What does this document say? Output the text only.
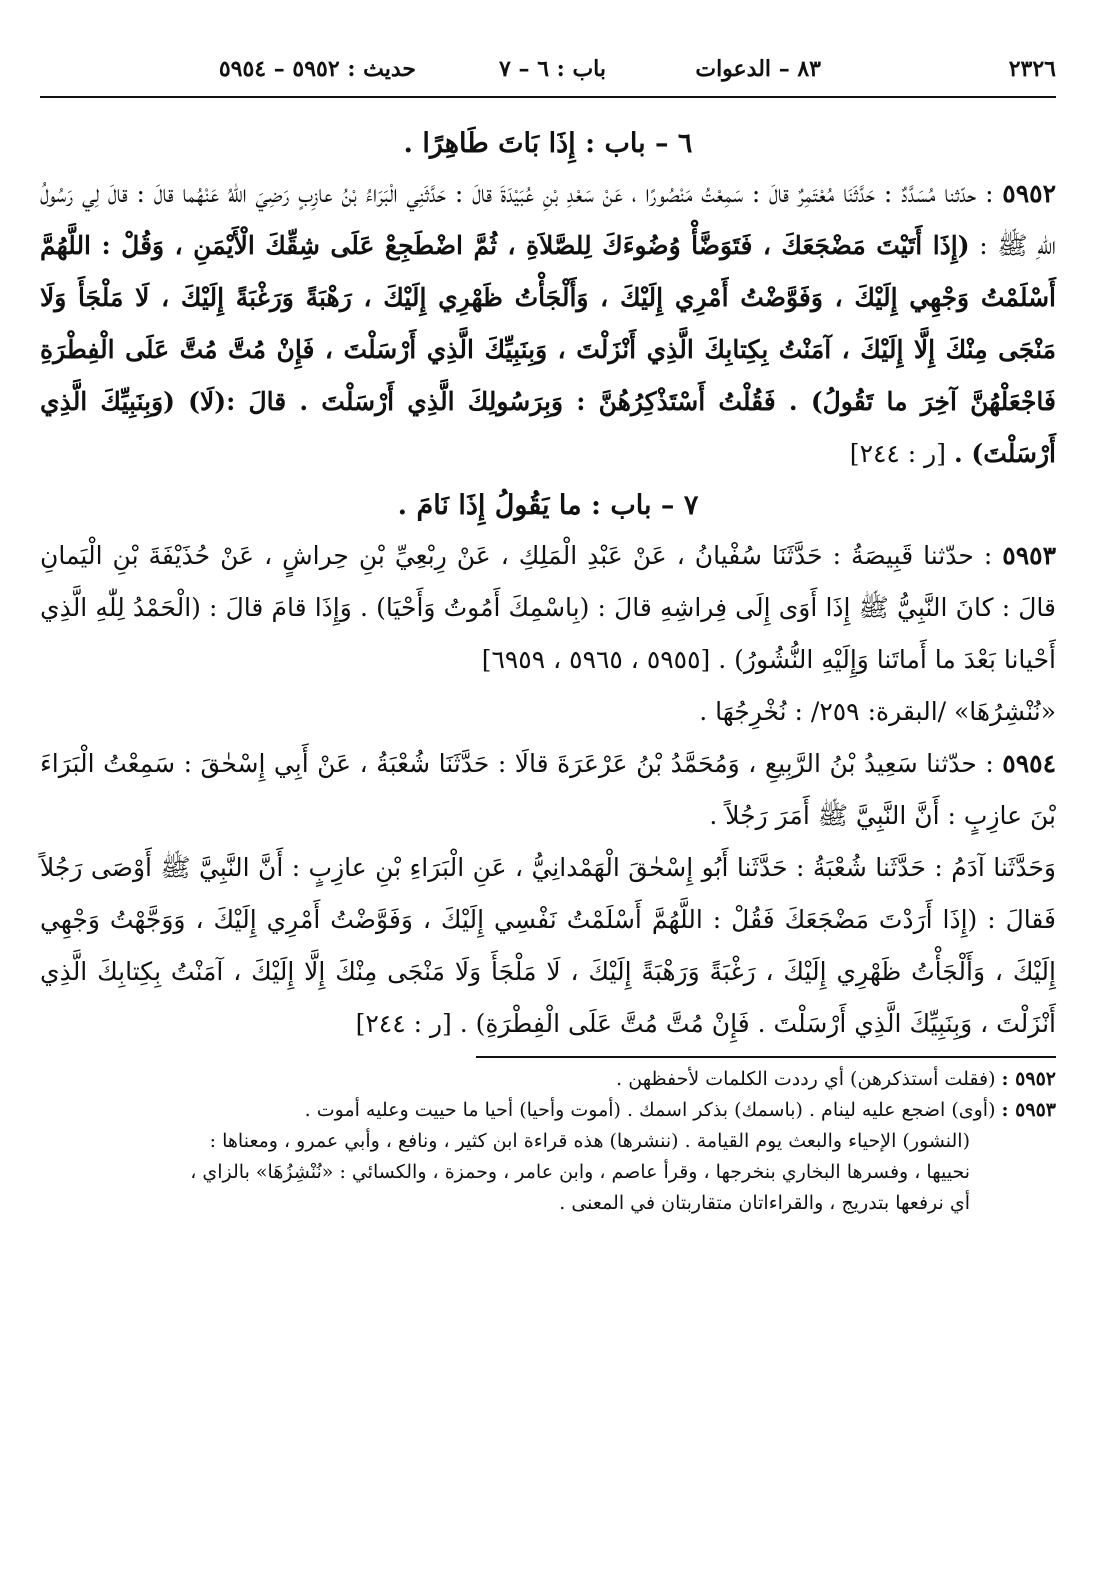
٢٣٢٦
٨٣ – الدعوات
باب : ٦ – ٧
حديث : ٥٩٥٢ – ٥٩٥٤

٦ – باب : إِذَا بَاتَ طَاهِرًا .

٥٩٥٢ : حدّثنا مُسَدَّدٌ : حَدَّثَنَا مُعْتَمِرٌ قالَ : سَمِعْتُ مَنْصُورًا ، عَنْ سَعْدِ بْنِ عُبَيْدَةَ قالَ : حَدَّثَنِي الْبَرَاءُ بْنُ عازِبٍ رَضِيَ اللّٰهُ عَنْهُما قالَ : قالَ لِي رَسُولُ اللّٰهِ ﷺ : (إِذَا أَتَيْتَ مَضْجَعَكَ ، فَتَوَضَّأْ وُضُوءَكَ لِلصَّلاَةِ ، ثُمَّ اضْطَجِعْ عَلَى شِقِّكَ الْأَيْمَنِ ، وَقُلْ : اللَّهُمَّ أَسْلَمْتُ وَجْهِي إِلَيْكَ ، وَفَوَّضْتُ أَمْرِي إِلَيْكَ ، وَأَلْجَأْتُ ظَهْرِي إِلَيْكَ ، رَهْبَةً وَرَغْبَةً إِلَيْكَ ، لَا مَلْجَأَ وَلَا مَنْجَى مِنْكَ إِلَّا إِلَيْكَ ، آمَنْتُ بِكِتابِكَ الَّذِي أَنْزَلْتَ ، وَبِنَبِيِّكَ الَّذِي أَرْسَلْتَ ، فَإِنْ مُتَّ مُتَّ عَلَى الْفِطْرَةِ فَاجْعَلْهُنَّ آخِرَ ما تَقُولُ) . فَقُلْتُ أَسْتَذْكِرُهُنَّ : وَبِرَسُولِكَ الَّذِي أَرْسَلْتَ . قالَ :(لَا) (وَبِنَبِيِّكَ الَّذِي أَرْسَلْتَ) . [ر : ٢٤٤]

٧ – باب : ما يَقُولُ إِذَا نَامَ .

٥٩٥٣ : حدّثنا قَبِيصَةُ : حَدَّثَنَا سُفْيانُ ، عَنْ عَبْدِ الْمَلِكِ ، عَنْ رِبْعِيِّ بْنِ حِراشٍ ، عَنْ حُذَيْفَةَ بْنِ الْيَمانِ قالَ : كانَ النَّبِيُّ ﷺ إِذَا أَوَى إِلَى فِراشِهِ قالَ : (بِاسْمِكَ أَمُوتُ وَأَحْيَا) . وَإِذَا قامَ قالَ : (الْحَمْدُ لِلّٰهِ الَّذِي أَحْيانا بَعْدَ ما أَماتَنا وَإِلَيْهِ النُّشُورُ) . [٥٩٥٥ ، ٥٩٦٥ ، ٦٩٥٩]

«نُنْشِرُهَا» /البقرة: ٢٥٩/ : نُخْرِجُهَا .

٥٩٥٤ : حدّثنا سَعِيدُ بْنُ الرَّبِيعِ ، وَمُحَمَّدُ بْنُ عَرْعَرَةَ قالَا : حَدَّثَنَا شُعْبَةُ ، عَنْ أَبِي إِسْحٰقَ : سَمِعْتُ الْبَرَاءَ بْنَ عازِبٍ : أَنَّ النَّبِيَّ ﷺ أَمَرَ رَجُلاً .

وَحَدَّثَنا آدَمُ : حَدَّثَنا شُعْبَةُ : حَدَّثَنا أَبُو إِسْحٰقَ الْهَمْدانِيُّ ، عَنِ الْبَرَاءِ بْنِ عازِبٍ : أَنَّ النَّبِيَّ ﷺ أَوْصَى رَجُلاً فَقالَ : (إِذَا أَرَدْتَ مَضْجَعَكَ فَقُلْ : اللَّهُمَّ أَسْلَمْتُ نَفْسِي إِلَيْكَ ، وَفَوَّضْتُ أَمْرِي إِلَيْكَ ، وَوَجَّهْتُ وَجْهِي إِلَيْكَ ، وَأَلْجَأْتُ ظَهْرِي إِلَيْكَ ، رَغْبَةً وَرَهْبَةً إِلَيْكَ ، لَا مَلْجَأَ وَلَا مَنْجَى مِنْكَ إِلَّا إِلَيْكَ ، آمَنْتُ بِكِتابِكَ الَّذِي أَنْزَلْتَ ، وَبِنَبِيِّكَ الَّذِي أَرْسَلْتَ . فَإِنْ مُتَّ مُتَّ عَلَى الْفِطْرَةِ) . [ر : ٢٤٤]

٥٩٥٢ : (فقلت أستذكرهن) أي رددت الكلمات لأحفظهن .

٥٩٥٣ : (أوى) اضجع عليه لينام . (باسمك) بذكر اسمك . (أموت وأحيا) أحيا ما حييت وعليه أموت .

(النشور) الإحياء والبعث يوم القيامة . (ننشرها) هذه قراءة ابن كثير ، ونافع ، وأبي عمرو ، ومعناها :

نحييها ، وفسرها البخاري بنخرجها ، وقرأ عاصم ، وابن عامر ، وحمزة ، والكسائي : «نُنْشِزُهَا» بالزاي ،

أي نرفعها بتدريج ، والقراءاتان متقاربتان في المعنى .
